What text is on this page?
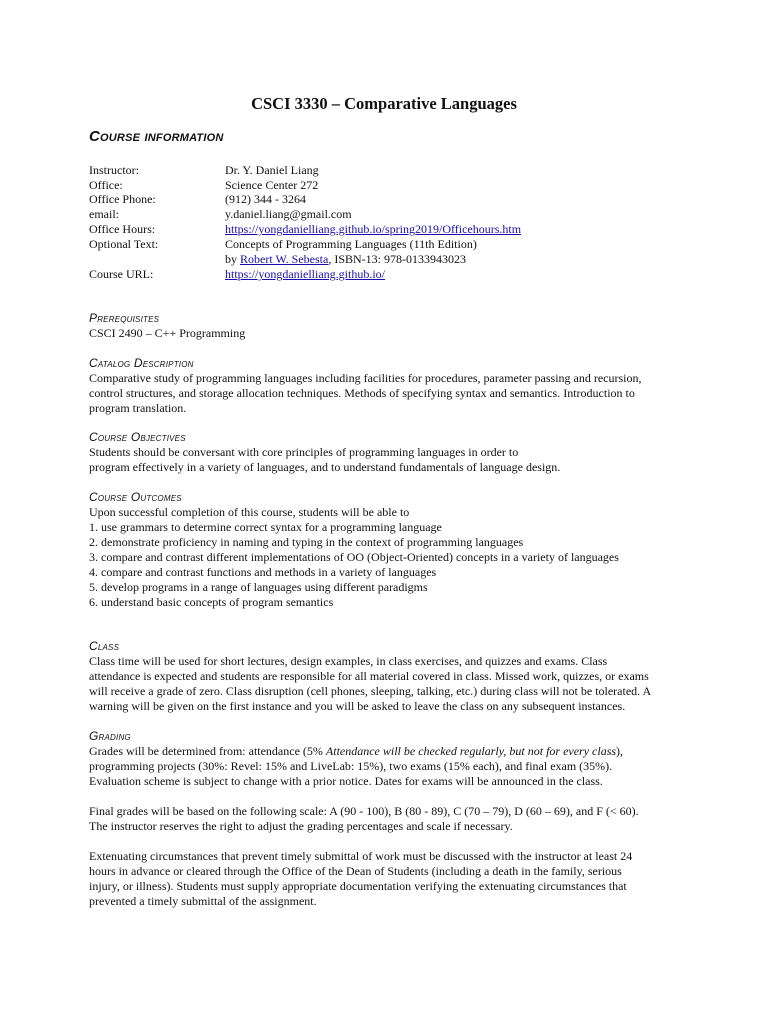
CSCI 3330 – Comparative Languages
Course information
Instructor:	Dr. Y. Daniel Liang
Office:	Science Center 272
Office Phone:	(912) 344 - 3264
email:	y.daniel.liang@gmail.com
Office Hours:	https://yongdanielliang.github.io/spring2019/Officehours.htm
Optional Text:	Concepts of Programming Languages (11th Edition)
by Robert W. Sebesta, ISBN-13: 978-0133943023
Course URL:	https://yongdanielliang.github.io/
Prerequisites
CSCI 2490 – C++ Programming
Catalog Description
Comparative study of programming languages including facilities for procedures, parameter passing and recursion,
control structures, and storage allocation techniques. Methods of specifying syntax and semantics. Introduction to
program translation.
Course Objectives
Students should be conversant with core principles of programming languages in order to
program effectively in a variety of languages, and to understand fundamentals of language design.
Course Outcomes
Upon successful completion of this course, students will be able to
1. use grammars to determine correct syntax for a programming language
2. demonstrate proficiency in naming and typing in the context of programming languages
3. compare and contrast different implementations of OO (Object-Oriented) concepts in a variety of languages
4. compare and contrast functions and methods in a variety of languages
5. develop programs in a range of languages using different paradigms
6. understand basic concepts of program semantics
Class
Class time will be used for short lectures, design examples, in class exercises, and quizzes and exams. Class
attendance is expected and students are responsible for all material covered in class. Missed work, quizzes, or exams
will receive a grade of zero. Class disruption (cell phones, sleeping, talking, etc.) during class will not be tolerated. A
warning will be given on the first instance and you will be asked to leave the class on any subsequent instances.
Grading
Grades will be determined from: attendance (5% Attendance will be checked regularly, but not for every class),
programming projects (30%: Revel: 15% and LiveLab: 15%), two exams (15% each), and final exam (35%).
Evaluation scheme is subject to change with a prior notice. Dates for exams will be announced in the class.
Final grades will be based on the following scale: A (90 - 100), B (80 - 89), C (70 – 79), D (60 – 69), and F (< 60).
The instructor reserves the right to adjust the grading percentages and scale if necessary.
Extenuating circumstances that prevent timely submittal of work must be discussed with the instructor at least 24
hours in advance or cleared through the Office of the Dean of Students (including a death in the family, serious
injury, or illness). Students must supply appropriate documentation verifying the extenuating circumstances that
prevented a timely submittal of the assignment.
